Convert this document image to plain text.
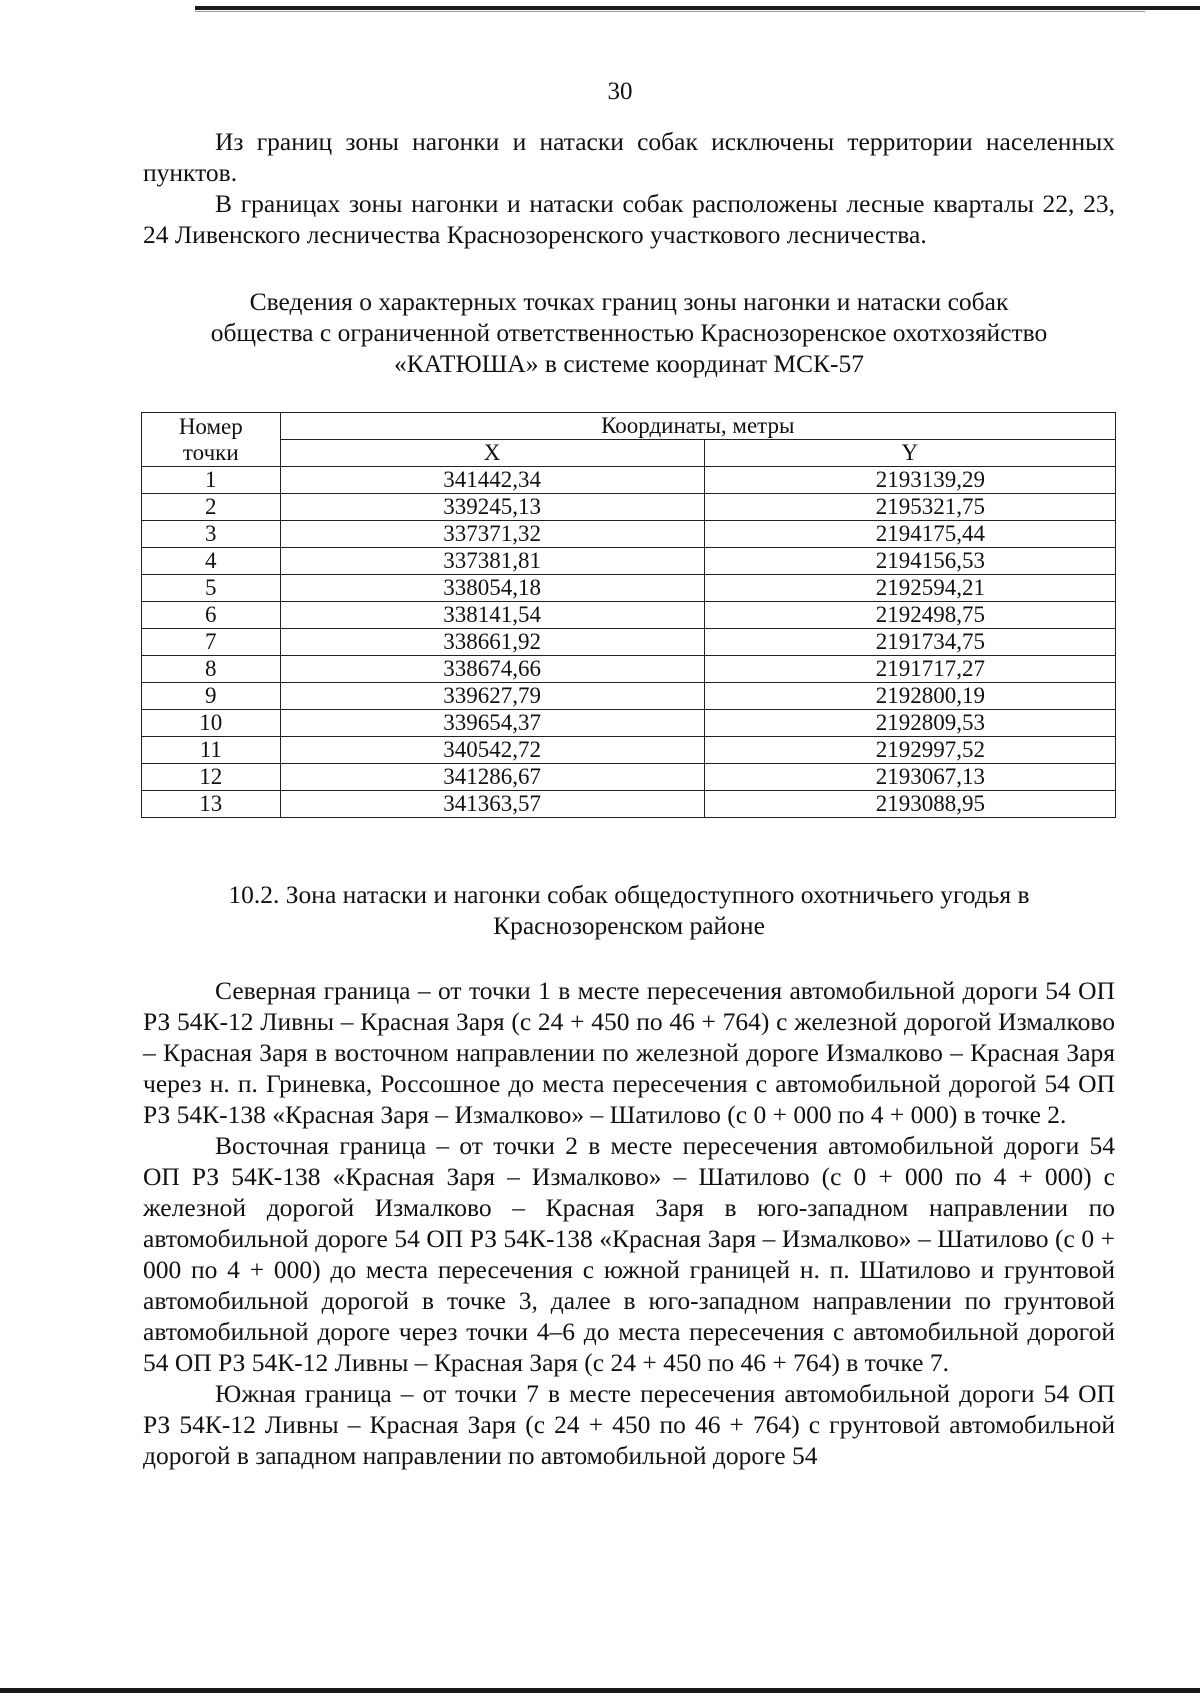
30

Из границ зоны нагонки и натаски собак исключены территории населенных пунктов.

В границах зоны нагонки и натаски собак расположены лесные кварталы 22, 23, 24 Ливенского лесничества Краснозоренского участкового лесничества.

Сведения о характерных точках границ зоны нагонки и натаски собак
общества с ограниченной ответственностью Краснозоренское охотхозяйство
«КАТЮША» в системе координат МСК-57
Номер
точки	Координаты, метры	
	X	Y
1	341442,34	2193139,29
2	339245,13	2195321,75
3	337371,32	2194175,44
4	337381,81	2194156,53
5	338054,18	2192594,21
6	338141,54	2192498,75
7	338661,92	2191734,75
8	338674,66	2191717,27
9	339627,79	2192800,19
10	339654,37	2192809,53
11	340542,72	2192997,52
12	341286,67	2193067,13
13	341363,57	2193088,95
10.2. Зона натаски и нагонки собак общедоступного охотничьего угодья в
Краснозоренском районе

Северная граница – от точки 1 в месте пересечения автомобильной дороги 54 ОП РЗ 54К-12 Ливны – Красная Заря (с 24 + 450 по 46 + 764) с железной дорогой Измалково – Красная Заря в восточном направлении по железной дороге Измалково – Красная Заря через н. п. Гриневка, Россошное до места пересечения с автомобильной дорогой 54 ОП РЗ 54К-138 «Красная Заря – Измалково» – Шатилово (с 0 + 000 по 4 + 000) в точке 2.

Восточная граница – от точки 2 в месте пересечения автомобильной дороги 54 ОП РЗ 54К-138 «Красная Заря – Измалково» – Шатилово (с 0 + 000 по 4 + 000) с железной дорогой Измалково – Красная Заря в юго-западном направлении по автомобильной дороге 54 ОП РЗ 54К-138 «Красная Заря – Измалково» – Шатилово (с 0 + 000 по 4 + 000) до места пересечения с южной границей н. п. Шатилово и грунтовой автомобильной дорогой в точке 3, далее в юго-западном направлении по грунтовой автомобильной дороге через точки 4–6 до места пересечения с автомобильной дорогой 54 ОП РЗ 54К-12 Ливны – Красная Заря (с 24 + 450 по 46 + 764) в точке 7.

Южная граница – от точки 7 в месте пересечения автомобильной дороги 54 ОП РЗ 54К-12 Ливны – Красная Заря (с 24 + 450 по 46 + 764) с грунтовой автомобильной дорогой в западном направлении по автомобильной дороге 54
